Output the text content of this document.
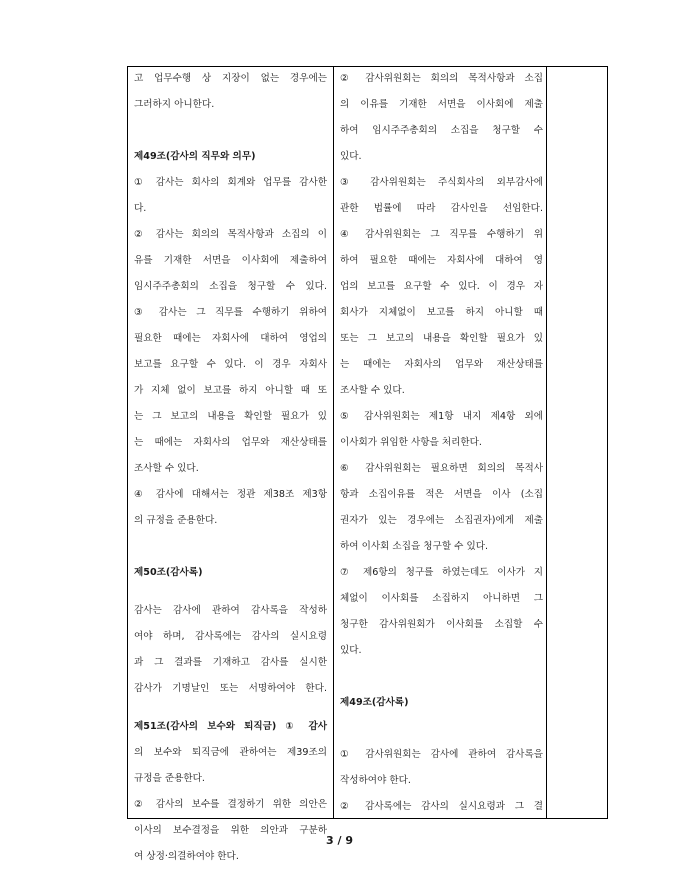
고 업무수행 상 지장이 없는 경우에는
그러하지 아니한다.
제49조(감사의 직무와 의무)
① 감사는 회사의 회계와 업무를 감사한
다.
② 감사는 회의의 목적사항과 소집의 이
유를 기재한 서면을 이사회에 제출하여
임시주주총회의 소집을 청구할 수 있다.
③ 감사는 그 직무를 수행하기 위하여
필요한 때에는 자회사에 대하여 영업의
보고를 요구할 수 있다. 이 경우 자회사
가 지체 없이 보고를 하지 아니할 때 또
는 그 보고의 내용을 확인할 필요가 있
는 때에는 자회사의 업무와 재산상태를
조사할 수 있다.
④ 감사에 대해서는 정관 제38조 제3항
의 규정을 준용한다.
제50조(감사록)
감사는 감사에 관하여 감사록을 작성하
여야 하며, 감사록에는 감사의 실시요령
과 그 결과를 기재하고 감사를 실시한
감사가 기명날인 또는 서명하여야 한다.
제51조(감사의 보수와 퇴직금) ① 감사
의 보수와 퇴직금에 관하여는 제39조의
규정을 준용한다.
② 감사의 보수를 결정하기 위한 의안은
이사의 보수결정을 위한 의안과 구분하
여 상정·의결하여야 한다.
② 감사위원회는 회의의 목적사항과 소집
의 이유를 기재한 서면을 이사회에 제출
하여 임시주주총회의 소집을 청구할 수
있다.
③ 감사위원회는 주식회사의 외부감사에
관한 법률에 따라 감사인을 선임한다.
④ 감사위원회는 그 직무를 수행하기 위
하여 필요한 때에는 자회사에 대하여 영
업의 보고를 요구할 수 있다. 이 경우 자
회사가 지체없이 보고를 하지 아니할 때
또는 그 보고의 내용을 확인할 필요가 있
는 때에는 자회사의 업무와 재산상태를
조사할 수 있다.
⑤ 감사위원회는 제1항 내지 제4항 외에
이사회가 위임한 사항을 처리한다.
⑥ 감사위원회는 필요하면 회의의 목적사
항과 소집이유를 적은 서면을 이사 (소집
권자가 있는 경우에는 소집권자)에게 제출
하여 이사회 소집을 청구할 수 있다.
⑦ 제6항의 청구를 하였는데도 이사가 지
체없이 이사회를 소집하지 아니하면 그
청구한 감사위원회가 이사회를 소집할 수
있다.
제49조(감사록)
① 감사위원회는 감사에 관하여 감사록을
작성하여야 한다.
② 감사록에는 감사의 실시요령과 그 결
3 / 9
